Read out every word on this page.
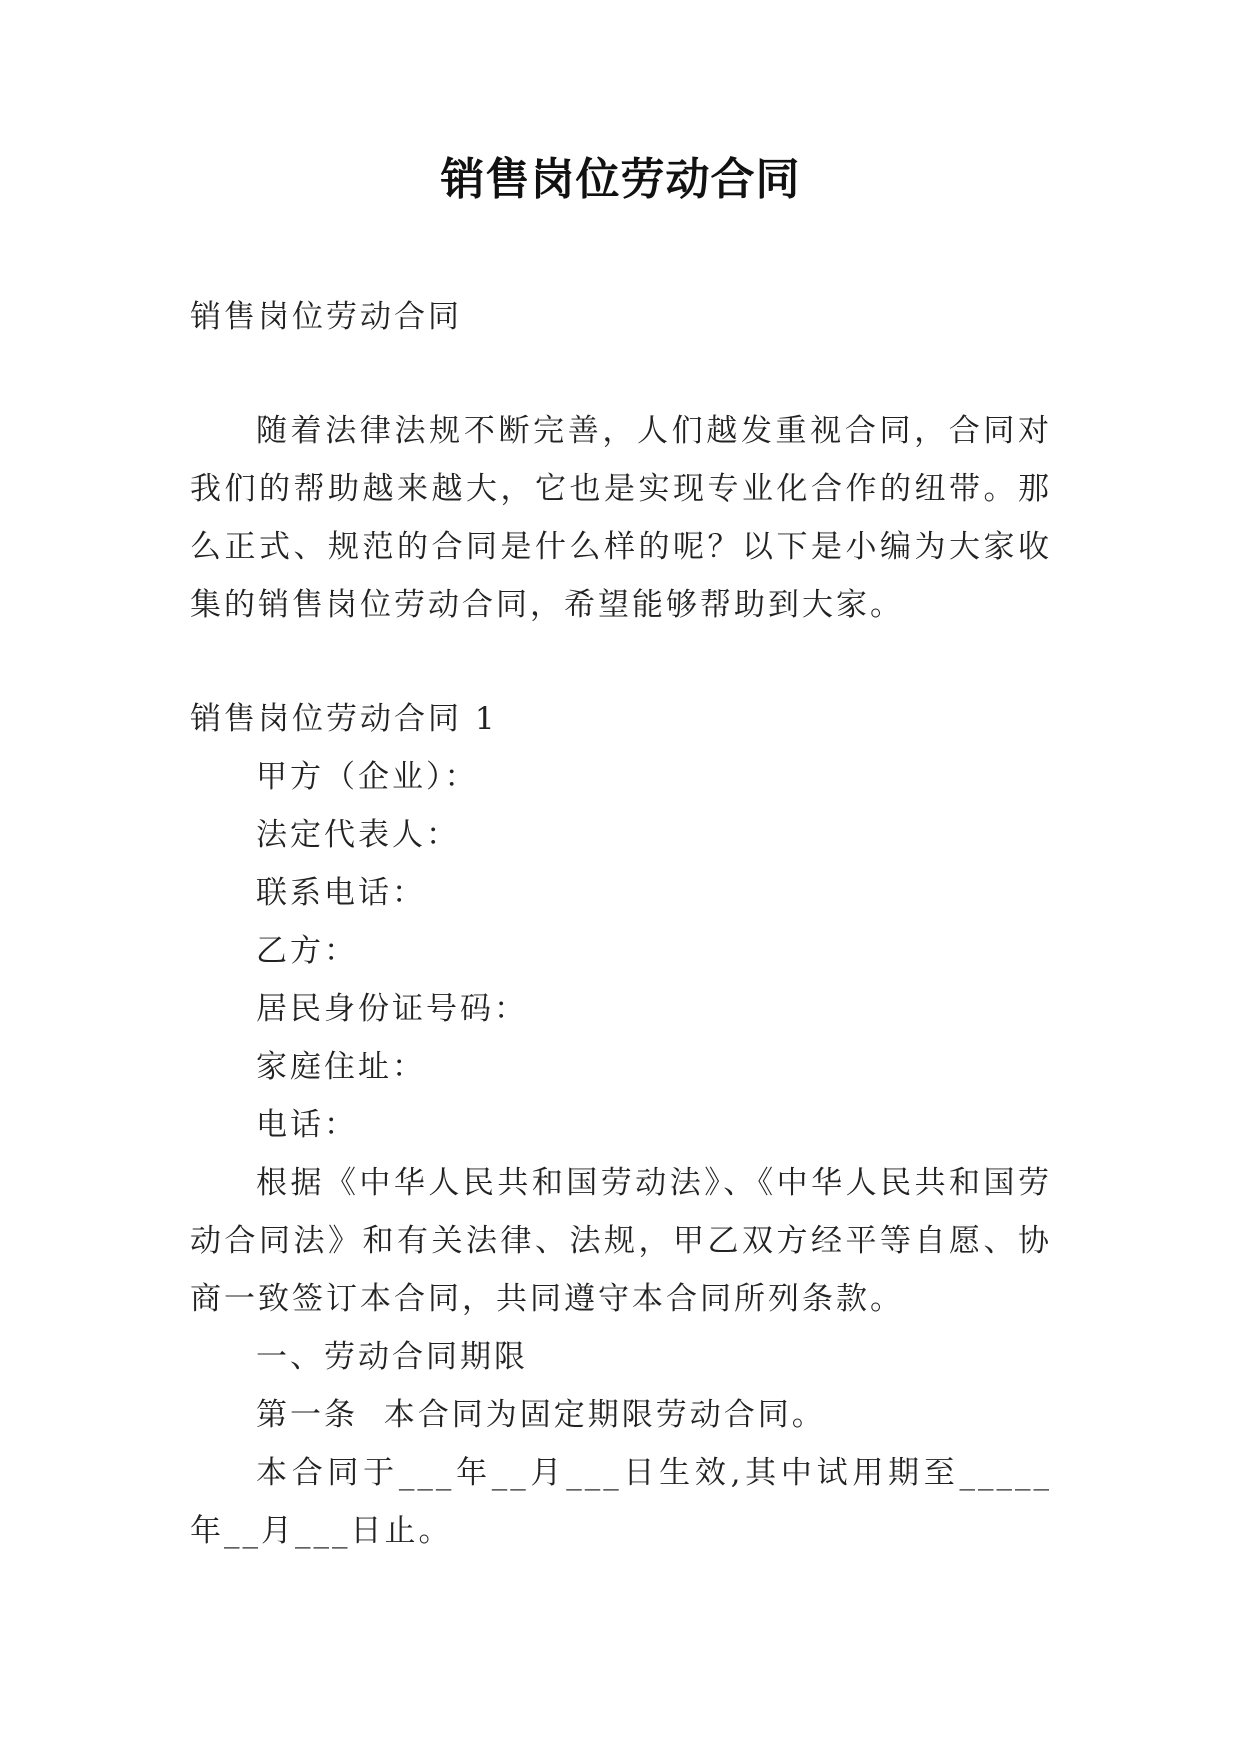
销售岗位劳动合同
销售岗位劳动合同
随着法律法规不断完善，人们越发重视合同，合同对我们的帮助越来越大，它也是实现专业化合作的纽带。那么正式、规范的合同是什么样的呢？以下是小编为大家收集的销售岗位劳动合同，希望能够帮助到大家。
销售岗位劳动合同 1
甲方（企业）：
法定代表人：
联系电话：
乙方：
居民身份证号码：
家庭住址：
电话：
根据《中华人民共和国劳动法》、《中华人民共和国劳动合同法》和有关法律、法规，甲乙双方经平等自愿、协商一致签订本合同，共同遵守本合同所列条款。
一、劳动合同期限
第一条  本合同为固定期限劳动合同。
本合同于___年__月___日生效,其中试用期至_____年__月___日止。
